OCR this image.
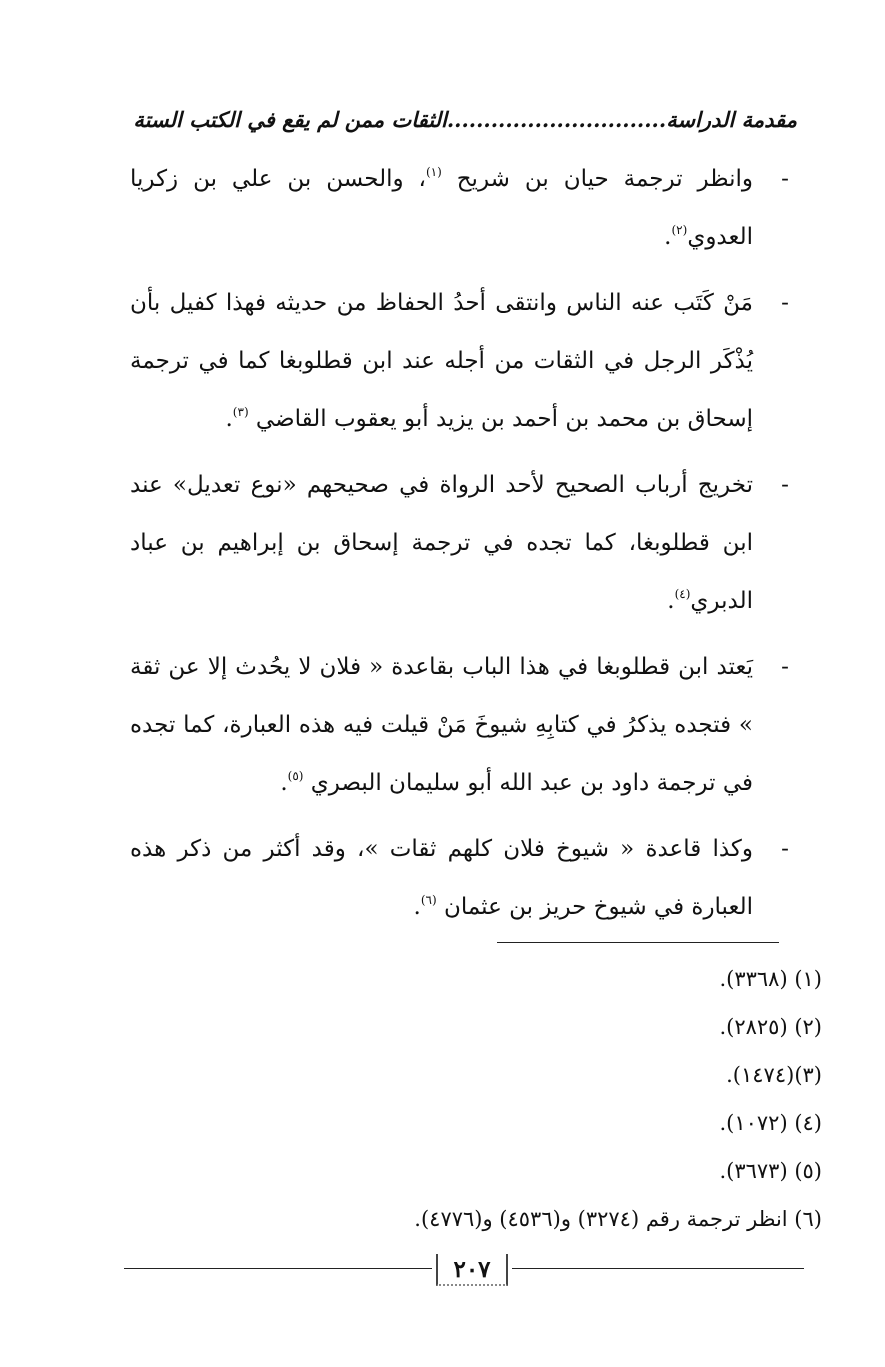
مقدمة الدراسة..............................
الثقات ممن لم يقع في الكتب الستة
-
وانظر ترجمة حيان بن شريح $^{(١)}$، والحسن بن علي بن زكريا العدوي$^{(٢)}$.
-
مَنْ كَتَب عنه الناس وانتقى أحدُ الحفاظ من حديثه فهذا كفيل بأن يُذْكَر الرجل في الثقات من أجله عند ابن قطلوبغا كما في ترجمة إسحاق بن محمد بن أحمد بن يزيد أبو يعقوب القاضي $^{(٣)}$.
-
تخريج أرباب الصحيح لأحد الرواة في صحيحهم «نوع تعديل» عند ابن قطلوبغا، كما تجده في ترجمة إسحاق بن إبراهيم بن عباد الدبري$^{(٤)}$.
-
يَعتد ابن قطلوبغا في هذا الباب بقاعدة « فلان لا يحُدث إلا عن ثقة » فتجده يذكرُ في كتابِهِ شيوخَ مَنْ قيلت فيه هذه العبارة، كما تجده في ترجمة داود بن عبد الله أبو سليمان البصري $^{(٥)}$.
-
وكذا قاعدة « شيوخ فلان كلهم ثقات »، وقد أكثر من ذكر هذه العبارة في شيوخ حريز بن عثمان $^{(٦)}$.
(١) (٣٣٦٨).
(٢) (٢٨٢٥).
(٣)(١٤٧٤).
(٤) (١٠٧٢).
(٥) (٣٦٧٣).
(٦) انظر ترجمة رقم (٣٢٧٤) و(٤٥٣٦) و(٤٧٧٦).
٢٠٧
